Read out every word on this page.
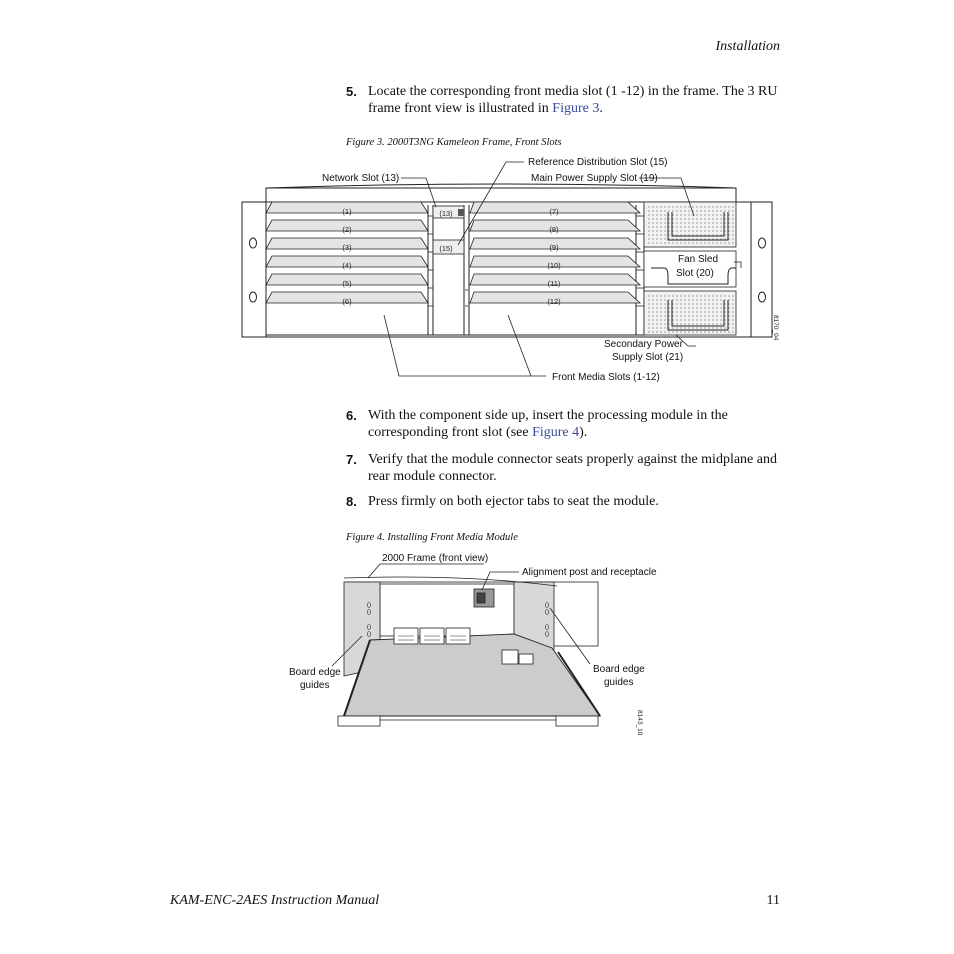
Installation
5. Locate the corresponding front media slot (1 -12) in the frame. The 3 RU frame front view is illustrated in Figure 3.
Figure 3. 2000T3NG Kameleon Frame, Front Slots
(1)
(2)
(3)
(4)
(5)
(6)
(7)
(8)
(9)
(10)
(11)
(12)
(13)
(15)
Network Slot (13)
Reference Distribution Slot (15)
Main Power Supply Slot (19)
Fan Sled
Slot (20)
Secondary Power
Supply Slot (21)
Front Media Slots (1-12)
8170_04
6. With the component side up, insert the processing module in the corresponding front slot (see Figure 4).
7. Verify that the module connector seats properly against the midplane and rear module connector.
8. Press firmly on both ejector tabs to seat the module.
Figure 4. Installing Front Media Module
2000 Frame (front view)
Alignment post and receptacle
Board edge
guides
Board edge
guides
8143_10
KAM-ENC-2AES Instruction Manual	11
